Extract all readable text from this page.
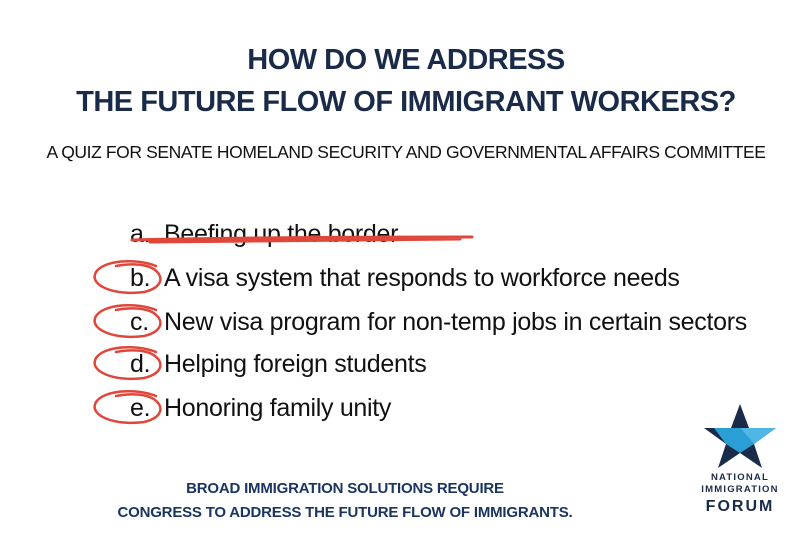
HOW DO WE ADDRESS
THE FUTURE FLOW OF IMMIGRANT WORKERS?
A QUIZ FOR SENATE HOMELAND SECURITY AND GOVERNMENTAL AFFAIRS COMMITTEE
a. Beefing up the border
b. A visa system that responds to workforce needs
c. New visa program for non-temp jobs in certain sectors
d. Helping foreign students
e. Honoring family unity
BROAD IMMIGRATION SOLUTIONS REQUIRE
CONGRESS TO ADDRESS THE FUTURE FLOW OF IMMIGRANTS.
NATIONAL
IMMIGRATION
FORUM
